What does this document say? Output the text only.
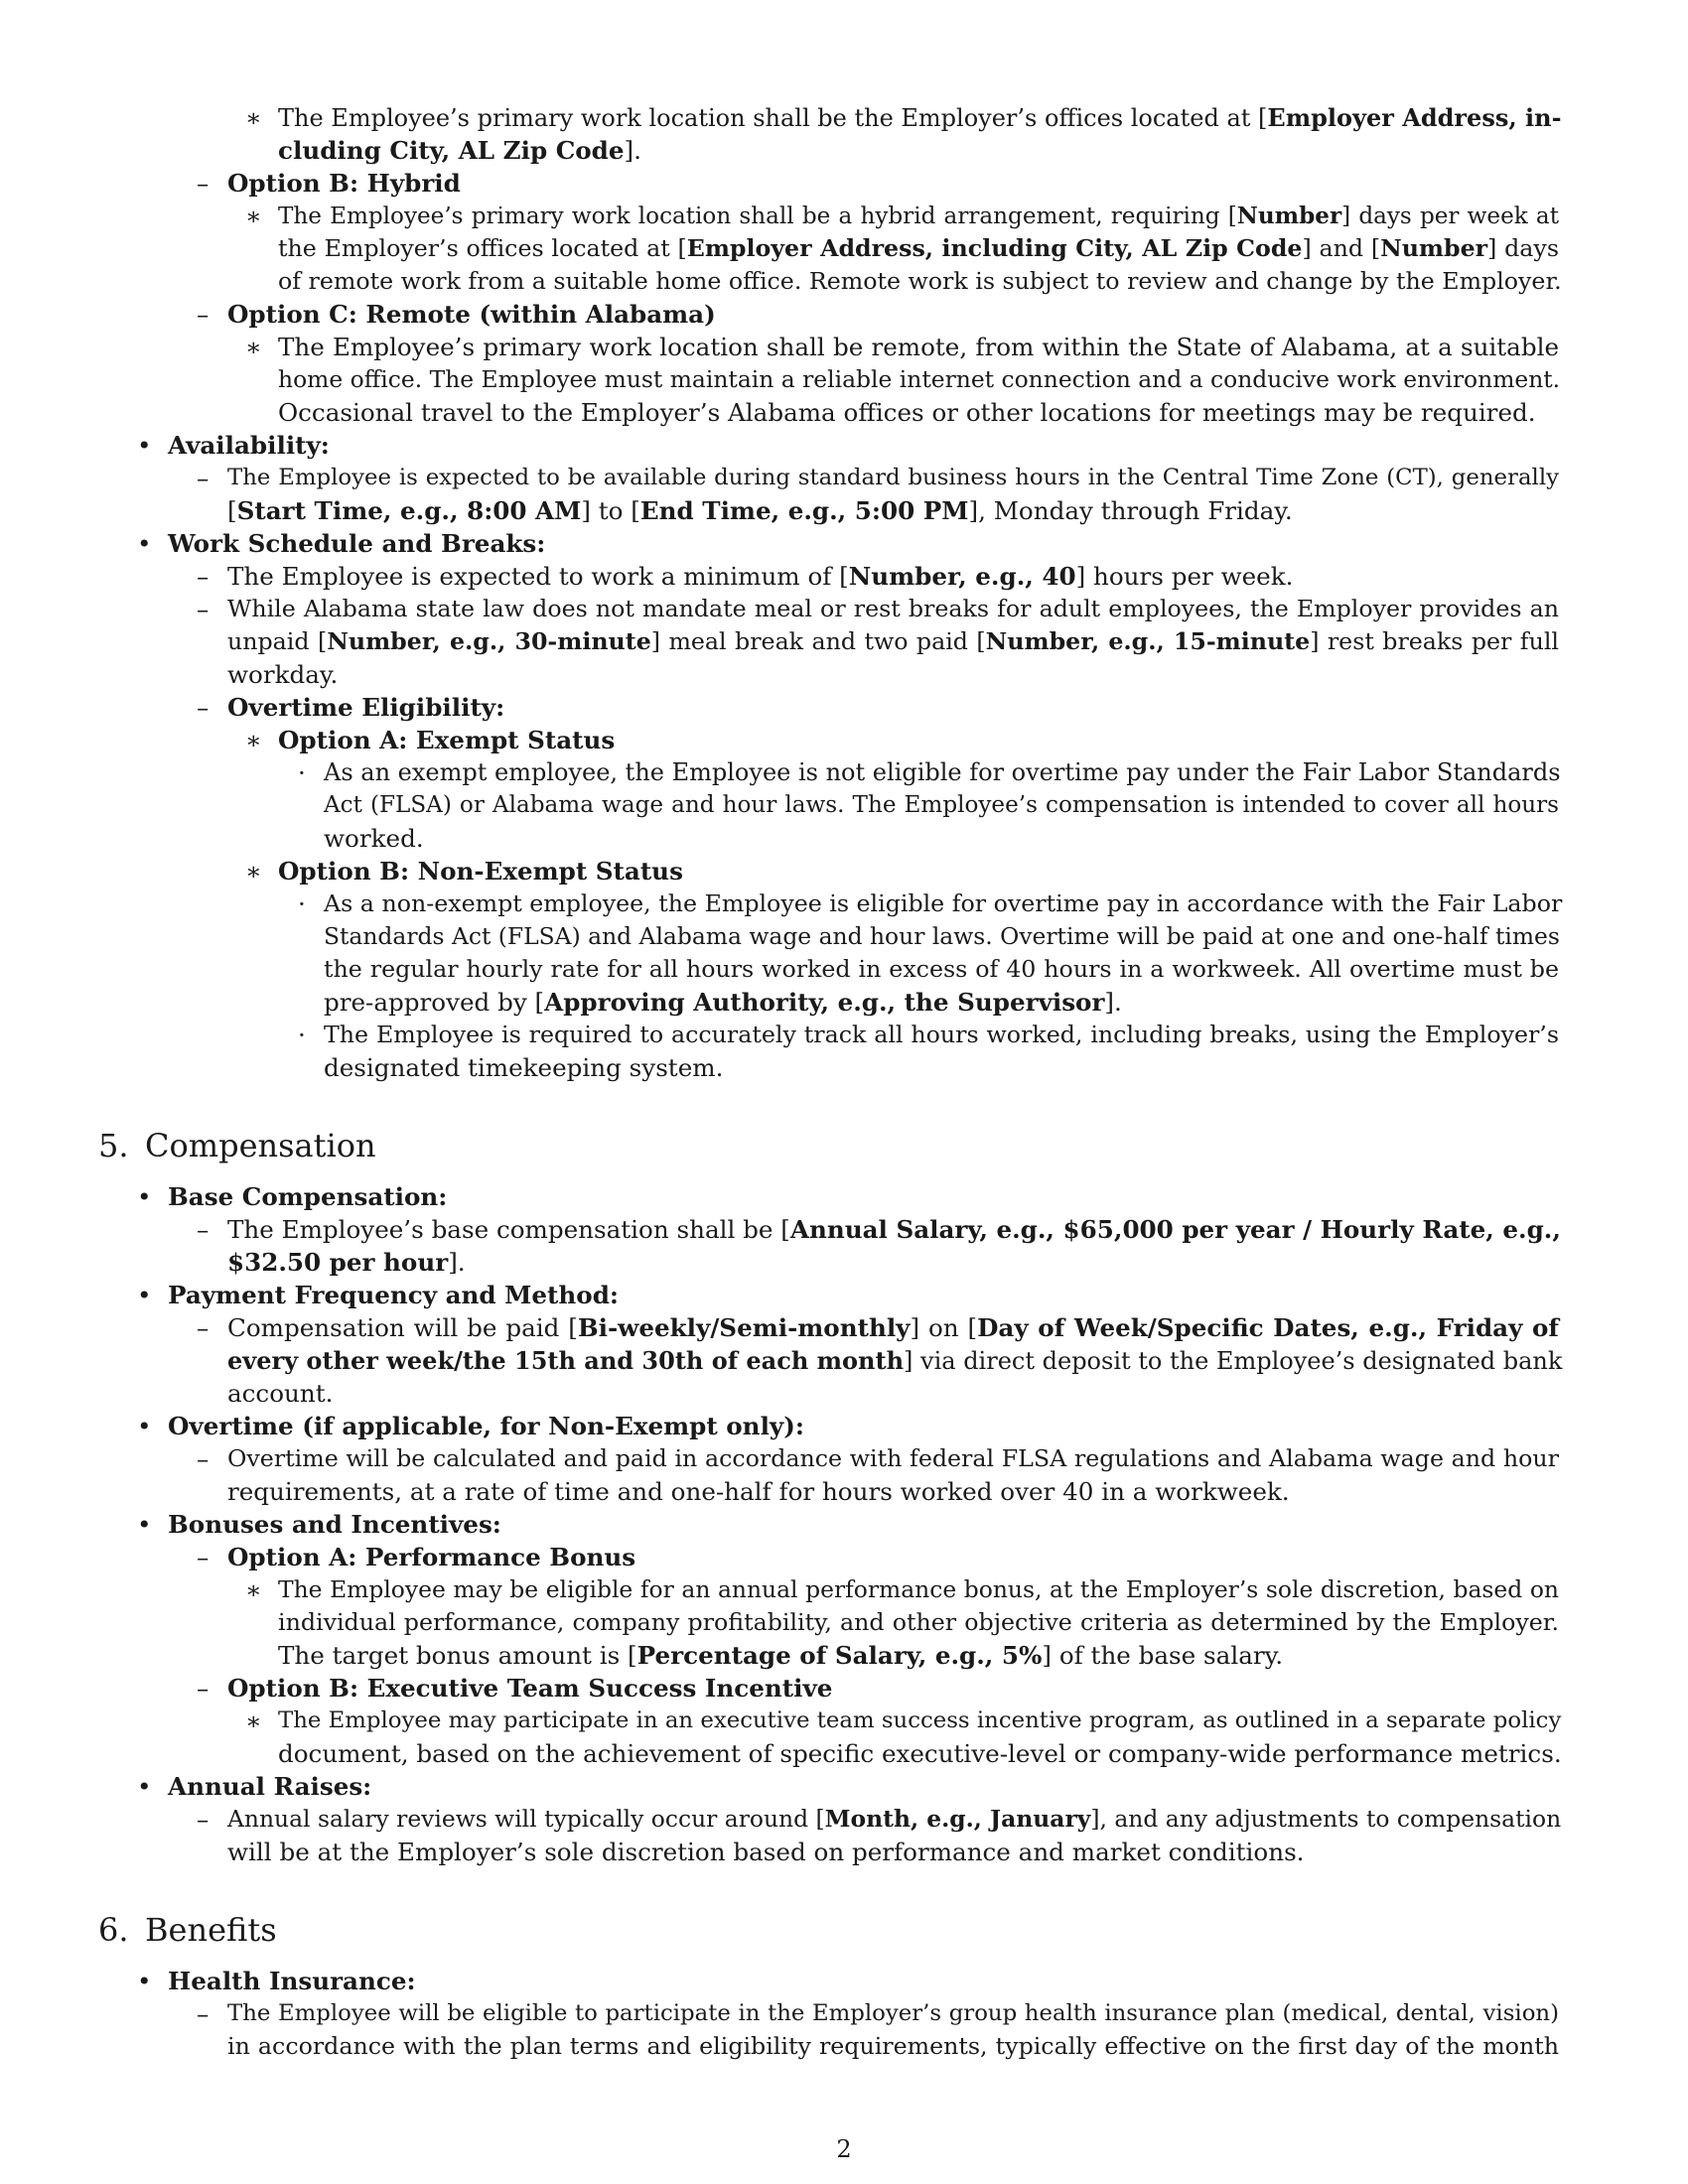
∗ The Employee’s primary work location shall be the Employer’s offices located at [Employer Address, in-
cluding City, AL Zip Code].
– Option B: Hybrid
∗ The Employee’s primary work location shall be a hybrid arrangement, requiring [Number] days per week at
the Employer’s offices located at [Employer Address, including City, AL Zip Code] and [Number] days
of remote work from a suitable home office. Remote work is subject to review and change by the Employer.
– Option C: Remote (within Alabama)
∗ The Employee’s primary work location shall be remote, from within the State of Alabama, at a suitable
home office. The Employee must maintain a reliable internet connection and a conducive work environment.
Occasional travel to the Employer’s Alabama offices or other locations for meetings may be required.
• Availability:
– The Employee is expected to be available during standard business hours in the Central Time Zone (CT), generally
[Start Time, e.g., 8:00 AM] to [End Time, e.g., 5:00 PM], Monday through Friday.
• Work Schedule and Breaks:
– The Employee is expected to work a minimum of [Number, e.g., 40] hours per week.
– While Alabama state law does not mandate meal or rest breaks for adult employees, the Employer provides an
unpaid [Number, e.g., 30-minute] meal break and two paid [Number, e.g., 15-minute] rest breaks per full
workday.
– Overtime Eligibility:
∗ Option A: Exempt Status
· As an exempt employee, the Employee is not eligible for overtime pay under the Fair Labor Standards
Act (FLSA) or Alabama wage and hour laws. The Employee’s compensation is intended to cover all hours
worked.
∗ Option B: Non-Exempt Status
· As a non-exempt employee, the Employee is eligible for overtime pay in accordance with the Fair Labor
Standards Act (FLSA) and Alabama wage and hour laws. Overtime will be paid at one and one-half times
the regular hourly rate for all hours worked in excess of 40 hours in a workweek. All overtime must be
pre-approved by [Approving Authority, e.g., the Supervisor].
· The Employee is required to accurately track all hours worked, including breaks, using the Employer’s
designated timekeeping system.
5. Compensation
• Base Compensation:
– The Employee’s base compensation shall be [Annual Salary, e.g., $65,000 per year / Hourly Rate, e.g.,
$32.50 per hour].
• Payment Frequency and Method:
– Compensation will be paid [Bi-weekly/Semi-monthly] on [Day of Week/Specific Dates, e.g., Friday of
every other week/the 15th and 30th of each month] via direct deposit to the Employee’s designated bank
account.
• Overtime (if applicable, for Non-Exempt only):
– Overtime will be calculated and paid in accordance with federal FLSA regulations and Alabama wage and hour
requirements, at a rate of time and one-half for hours worked over 40 in a workweek.
• Bonuses and Incentives:
– Option A: Performance Bonus
∗ The Employee may be eligible for an annual performance bonus, at the Employer’s sole discretion, based on
individual performance, company profitability, and other objective criteria as determined by the Employer.
The target bonus amount is [Percentage of Salary, e.g., 5%] of the base salary.
– Option B: Executive Team Success Incentive
∗ The Employee may participate in an executive team success incentive program, as outlined in a separate policy
document, based on the achievement of specific executive-level or company-wide performance metrics.
• Annual Raises:
– Annual salary reviews will typically occur around [Month, e.g., January], and any adjustments to compensation
will be at the Employer’s sole discretion based on performance and market conditions.
6. Benefits
• Health Insurance:
– The Employee will be eligible to participate in the Employer’s group health insurance plan (medical, dental, vision)
in accordance with the plan terms and eligibility requirements, typically effective on the first day of the month
2
